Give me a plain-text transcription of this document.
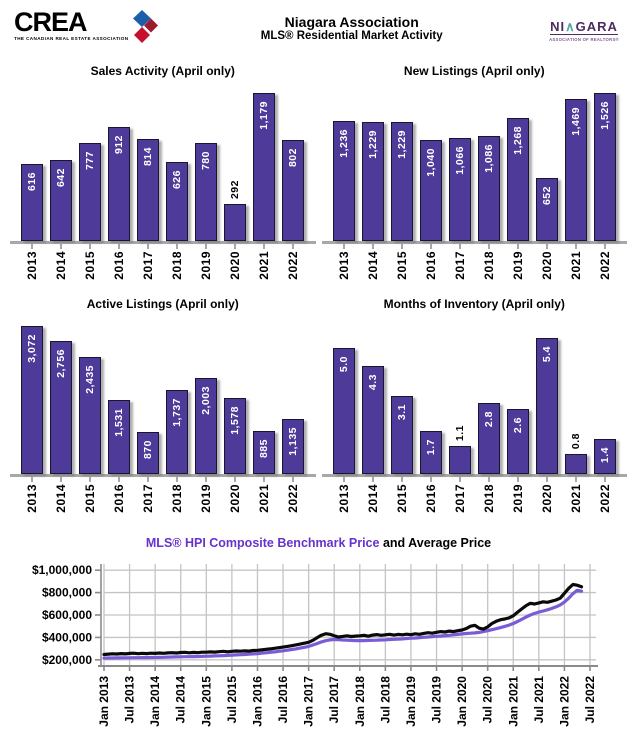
CREA
THE CANADIAN REAL ESTATE ASSOCIATION
Niagara Association
MLS® Residential Market Activity
NI∧GARA
ASSOCIATION OF REALTORS®
Sales Activity (April only)
616 642
777
912
814
626
780
292
1,179
802
2013 2014 2015 2016 2017 2018 2019 2020 2021 2022
New Listings (April only)
1,236 1,229 1,229
1,040 1,066 1,086
1,268
652
1,469 1,526
2013 2014 2015 2016 2017 2018 2019 2020 2021 2022
Active Listings (April only)
3,072
2,756
2,435
1,531
870
1,737 2,003
1,578
885 1,135
2013 2014 2015 2016 2017 2018 2019 2020 2021 2022
Months of Inventory (April only)
5.0
4.3
3.1
1.7
1.1
2.8 2.6
5.4
0.8
1.4
2013 2014 2015 2016 2017 2018 2019 2020 2021 2022
MLS® HPI Composite Benchmark Price and Average Price
$1,000,000
$800,000
$600,000
$400,000
$200,000
Jan 2013 Jul 2013 Jan 2014 Jul 2014 Jan 2015 Jul 2015 Jan 2016 Jul 2016 Jan 2017 Jul 2017 Jan 2018 Jul 2018 Jan 2019 Jul 2019 Jan 2020 Jul 2020 Jan 2021 Jul 2021 Jan 2022 Jul 2022
